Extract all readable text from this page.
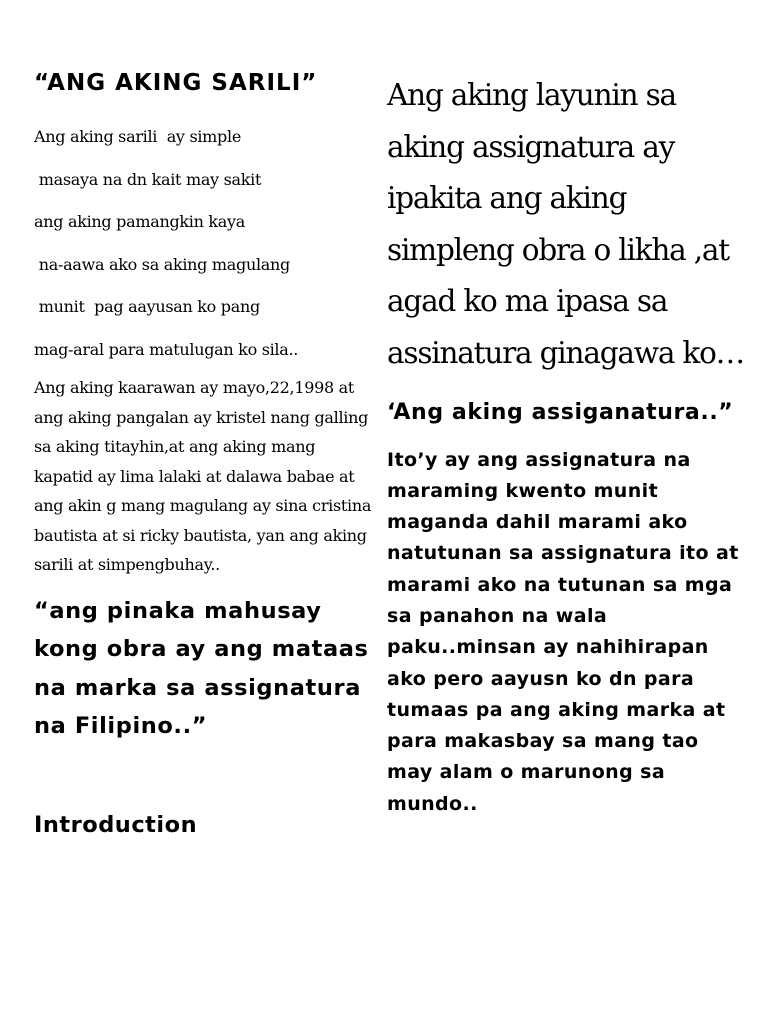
“ANG AKING SARILI”
Ang aking sarili  ay simple
masaya na dn kait may sakit
ang aking pamangkin kaya
na-aawa ako sa aking magulang
munit  pag aayusan ko pang
mag-aral para matulugan ko sila..

Ang aking kaarawan ay mayo,22,1998 at ang aking pangalan ay kristel nang galling sa aking titayhin,at ang aking mang kapatid ay lima lalaki at dalawa babae at ang akin g mang magulang ay sina cristina bautista at si ricky bautista, yan ang aking sarili at simpengbuhay..

“ang pinaka mahusay kong obra ay ang mataas na marka sa assignatura na Filipino..”

Introduction

Ang aking layunin sa aking assignatura ay ipakita ang aking simpleng obra o likha ,at agad ko ma ipasa sa assinatura ginagawa ko…

‘Ang aking assiganatura..”

Ito’y ay ang assignatura na maraming kwento munit maganda dahil marami ako natutunan sa assignatura ito at marami ako na tutunan sa mga sa panahon na wala paku..minsan ay nahihirapan ako pero aayusn ko dn para tumaas pa ang aking marka at para makasbay sa mang tao may alam o marunong sa mundo..
